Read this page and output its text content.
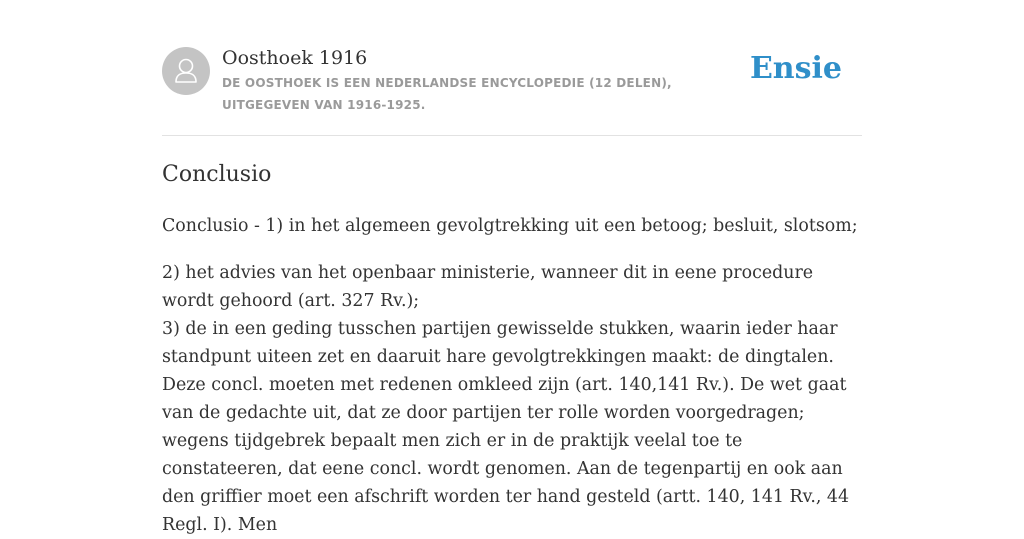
Oosthoek 1916
DE OOSTHOEK IS EEN NEDERLANDSE ENCYCLOPEDIE (12 DELEN), UITGEGEVEN VAN 1916-1925.
Ensie
Conclusio

Conclusio - 1) in het algemeen gevolgtrekking uit een betoog; besluit, slotsom;

2) het advies van het openbaar ministerie, wanneer dit in eene procedure wordt gehoord (art. 327 Rv.);

3) de in een geding tusschen partijen gewisselde stukken, waarin ieder haar standpunt uiteen zet en daaruit hare gevolgtrekkingen maakt: de dingtalen. Deze concl. moeten met redenen omkleed zijn (art. 140,141 Rv.). De wet gaat van de gedachte uit, dat ze door partijen ter rolle worden voorgedragen; wegens tijdgebrek bepaalt men zich er in de praktijk veelal toe te constateeren, dat eene concl. wordt genomen. Aan de tegenpartij en ook aan den griffier moet een afschrift worden ter hand gesteld (artt. 140, 141 Rv., 44 Regl. I). Men
